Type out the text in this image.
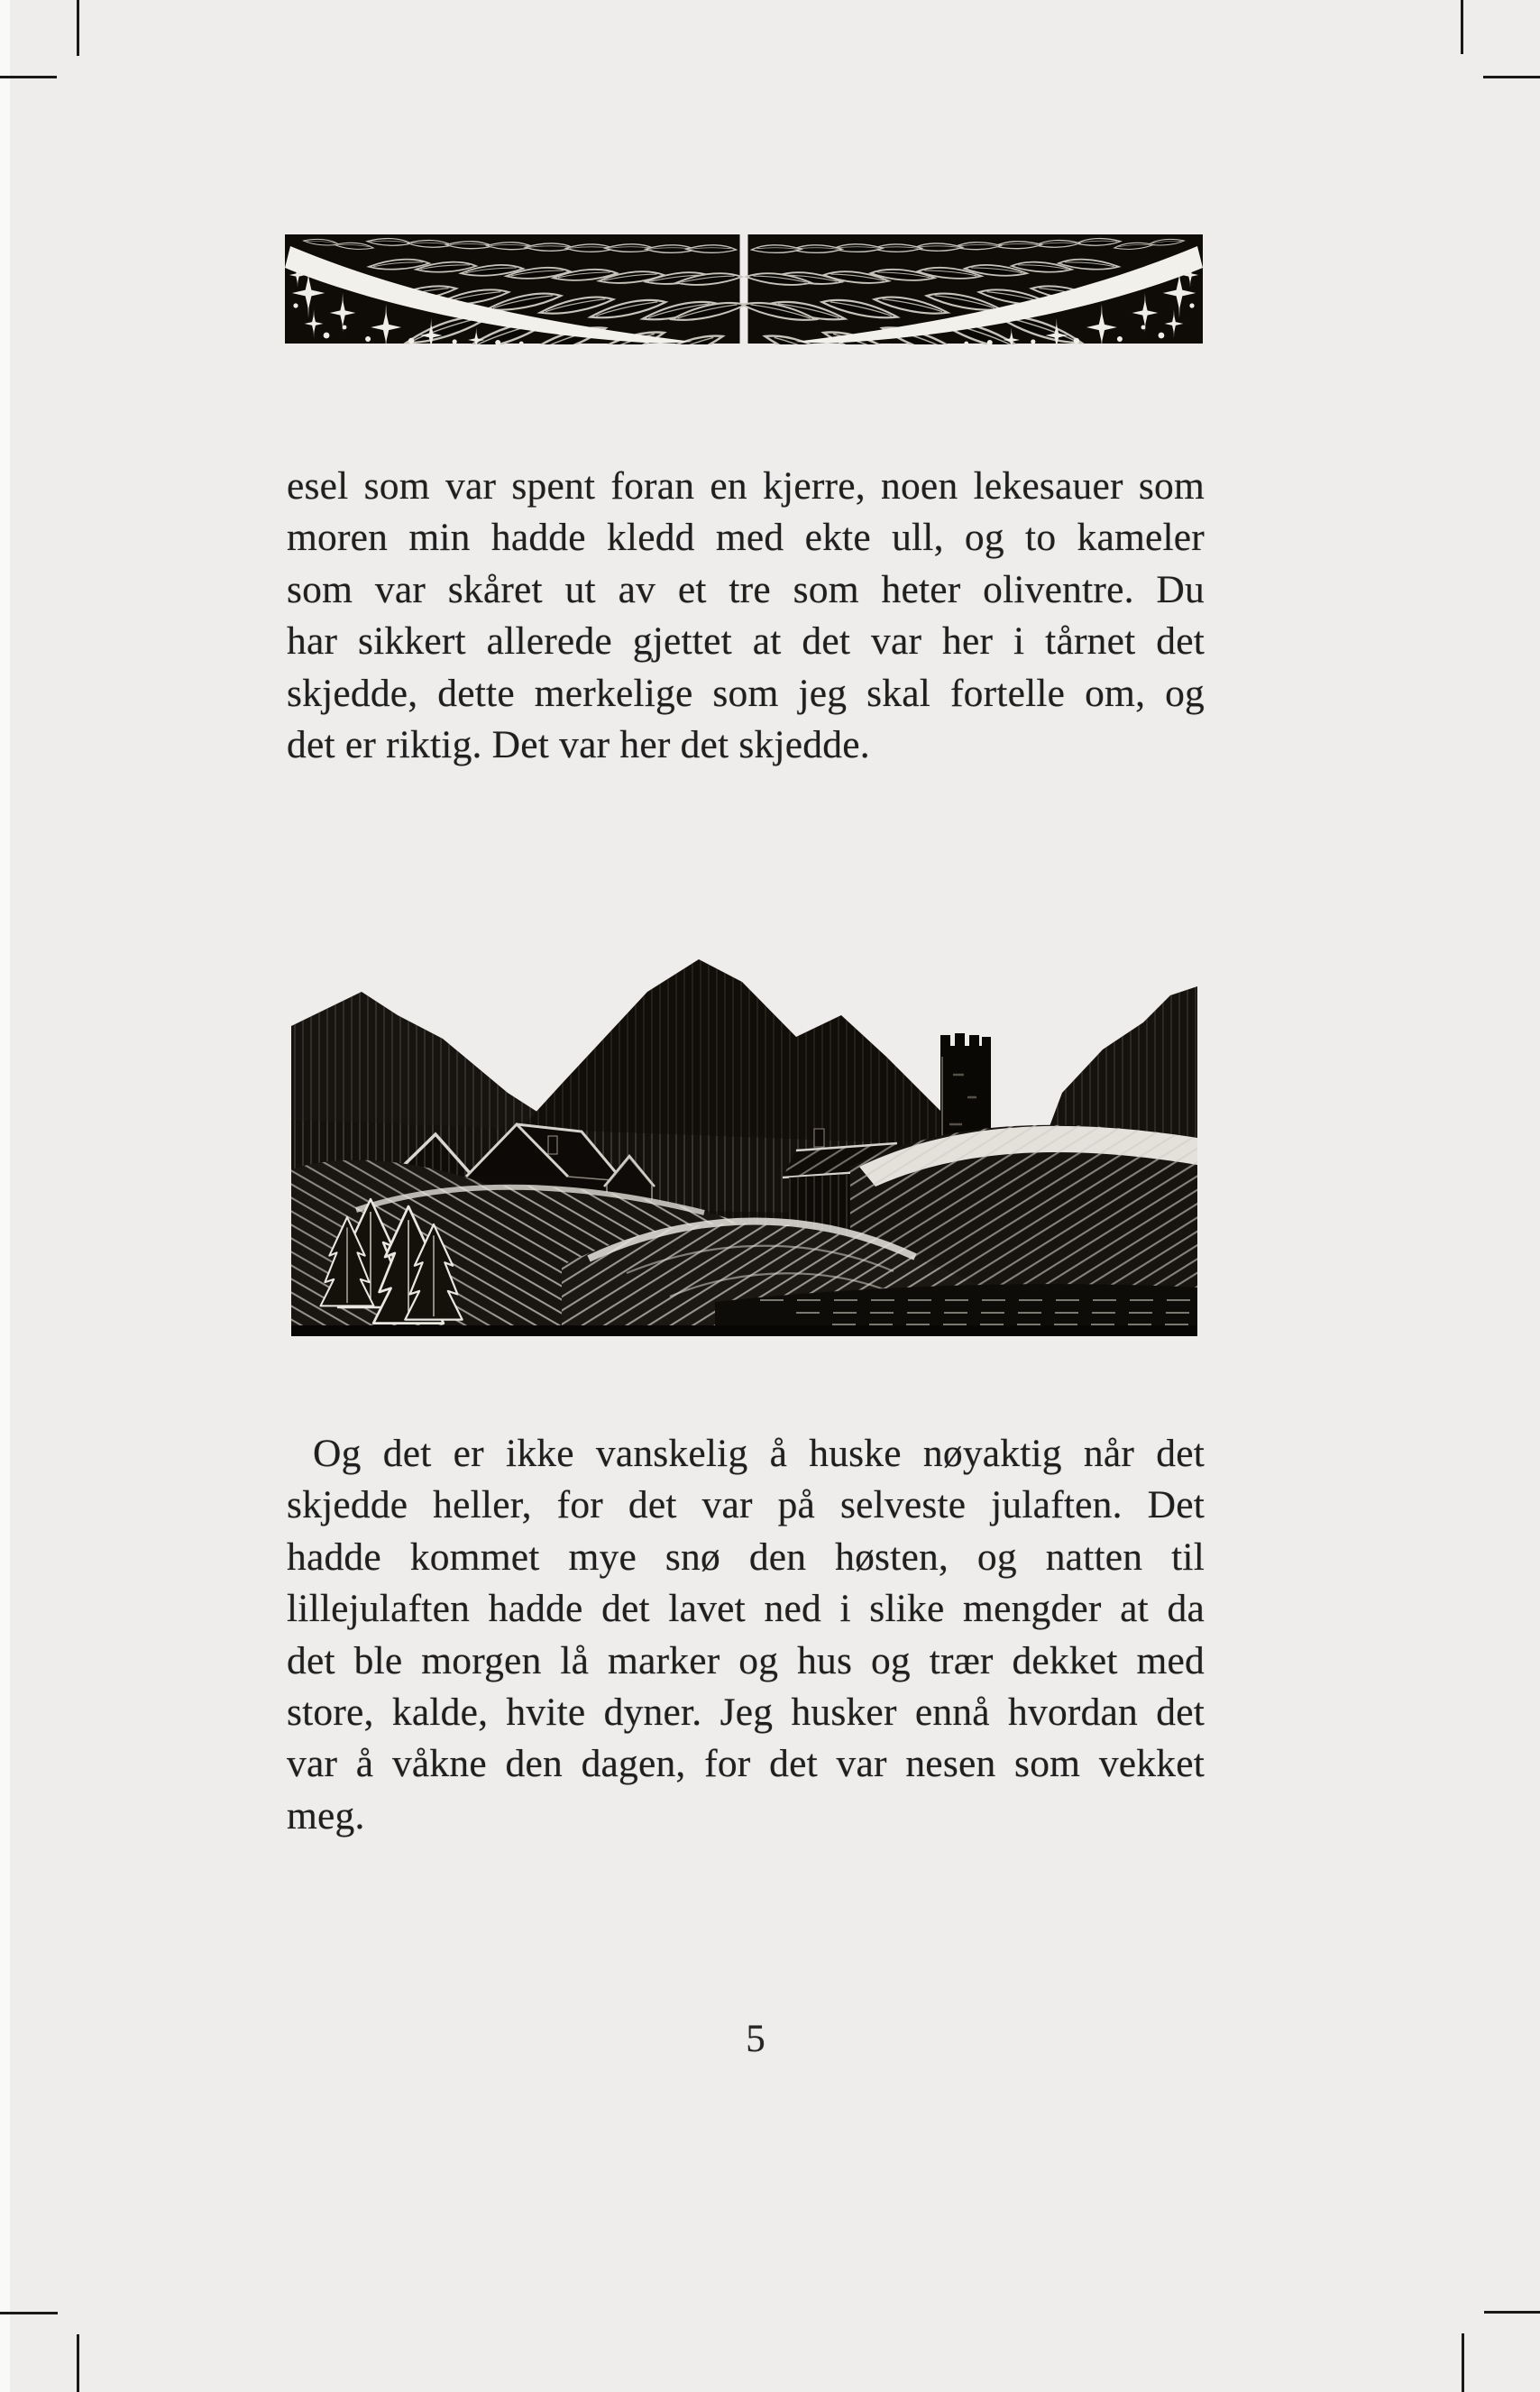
esel som var spent foran en kjerre, noen lekesauer som
moren min hadde kledd med ekte ull, og to kameler
som var skåret ut av et tre som heter oliventre. Du
har sikkert allerede gjettet at det var her i tårnet det
skjedde, dette merkelige som jeg skal fortelle om, og
det er riktig. Det var her det skjedde.
Og det er ikke vanskelig å huske nøyaktig når det
skjedde heller, for det var på selveste julaften. Det
hadde kommet mye snø den høsten, og natten til
lillejulaften hadde det lavet ned i slike mengder at da
det ble morgen lå marker og hus og trær dekket med
store, kalde, hvite dyner. Jeg husker ennå hvordan det
var å våkne den dagen, for det var nesen som vekket
meg.
5
